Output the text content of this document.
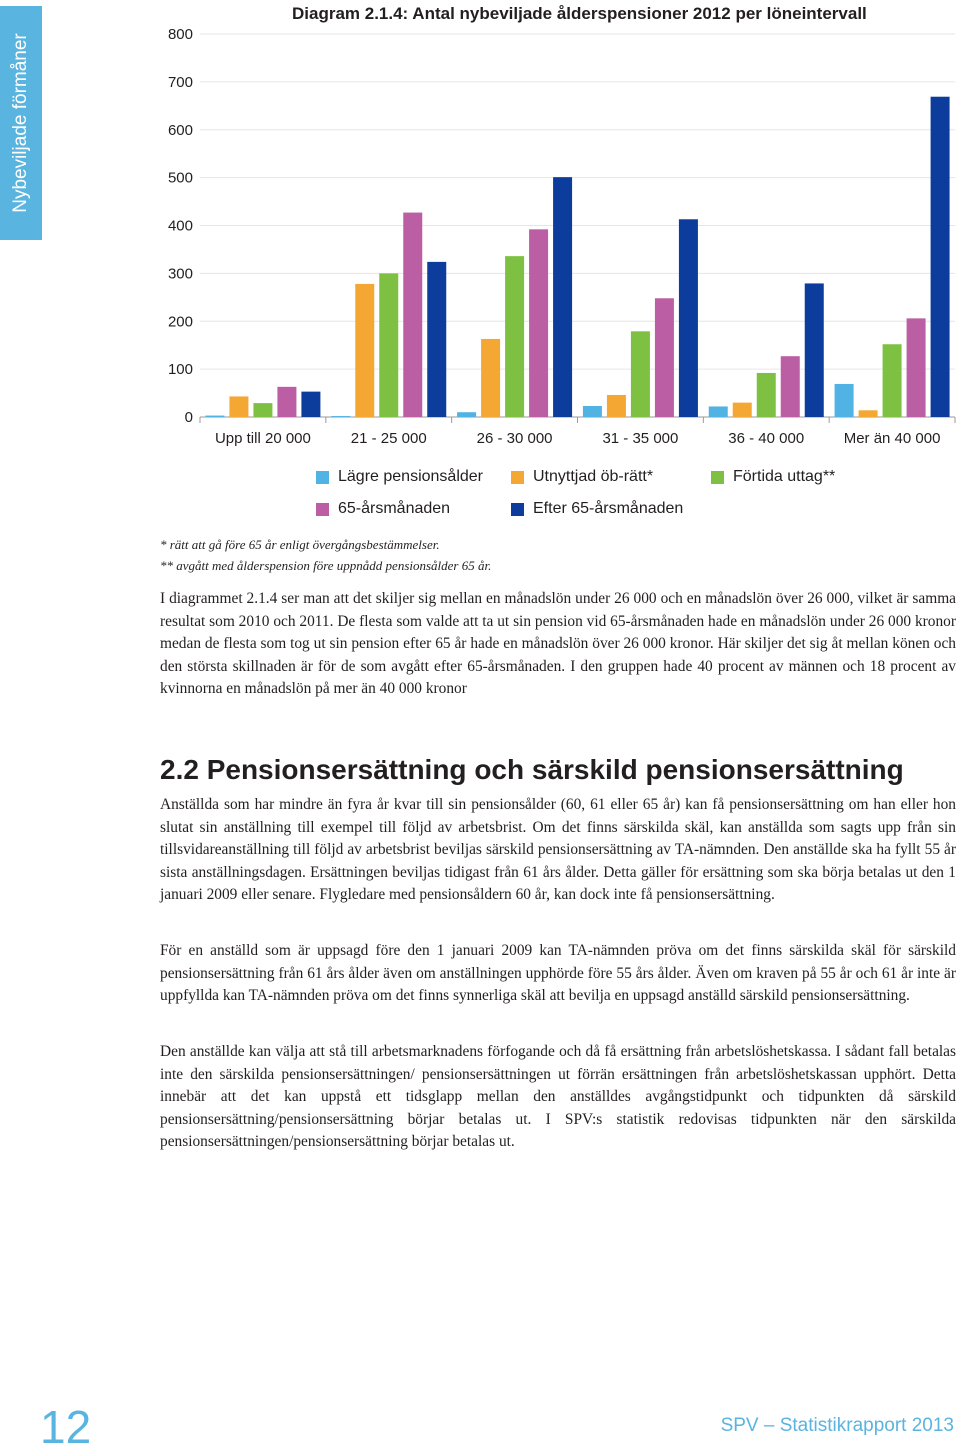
Nybeviljade förmåner
Diagram 2.1.4: Antal nybeviljade ålderspensioner 2012 per löneintervall
0
100
200
300
400
500
600
700
800
Upp till 20 000	21 - 25 000	26 - 30 000	31 - 35 000	36 - 40 000	Mer än 40 000
Lägre pensionsålder	Utnyttjad öb-rätt*	Förtida uttag**
65-årsmånaden	Efter 65-årsmånaden
* rätt att gå före 65 år enligt övergångsbestämmelser.
** avgått med ålderspension före uppnådd pensionsålder 65 år.

I diagrammet 2.1.4 ser man att det skiljer sig mellan en månadslön under 26 000 och en månadslön över 26 000, vilket är samma resultat som 2010 och 2011. De flesta som valde att ta ut sin pension vid 65-årsmånaden hade en månadslön under 26 000 kronor medan de flesta som tog ut sin pension efter 65 år hade en månadslön över 26 000 kronor. Här skiljer det sig åt mellan könen och den största skillnaden är för de som avgått efter 65-årsmånaden. I den gruppen hade 40 procent av männen och 18 procent av kvinnorna en månadslön på mer än 40 000 kronor

2.2 Pensionsersättning och särskild pensionsersättning

Anställda som har mindre än fyra år kvar till sin pensionsålder (60, 61 eller 65 år) kan få pensionsersättning om han eller hon slutat sin anställning till exempel till följd av arbetsbrist. Om det finns särskilda skäl, kan anställda som sagts upp från sin tillsvidareanställning till följd av arbetsbrist beviljas särskild pensionsersättning av TA-nämnden. Den anställde ska ha fyllt 55 år sista anställningsdagen. Ersättningen beviljas tidigast från 61 års ålder. Detta gäller för ersättning som ska börja betalas ut den 1 januari 2009 eller senare. Flygledare med pensionsåldern 60 år, kan dock inte få pensionsersättning.

För en anställd som är uppsagd före den 1 januari 2009 kan TA-nämnden pröva om det finns särskilda skäl för särskild pensionsersättning från 61 års ålder även om anställningen upphörde före 55 års ålder. Även om kraven på 55 år och 61 år inte är uppfyllda kan TA-nämnden pröva om det finns synnerliga skäl att bevilja en uppsagd anställd särskild pensionsersättning.

Den anställde kan välja att stå till arbetsmarknadens förfogande och då få ersättning från arbetslöshetskassa. I sådant fall betalas inte den särskilda pensionsersättningen/ pensionsersättningen ut förrän ersättningen från arbetslöshetskassan upphört. Detta innebär att det kan uppstå ett tidsglapp mellan den anställdes avgångstidpunkt och tidpunkten då särskild pensionsersättning/pensionsersättning börjar betalas ut. I SPV:s statistik redovisas tidpunkten när den särskilda pensionsersättningen/pensionsersättning börjar betalas ut.

12	SPV – Statistikrapport 2013
